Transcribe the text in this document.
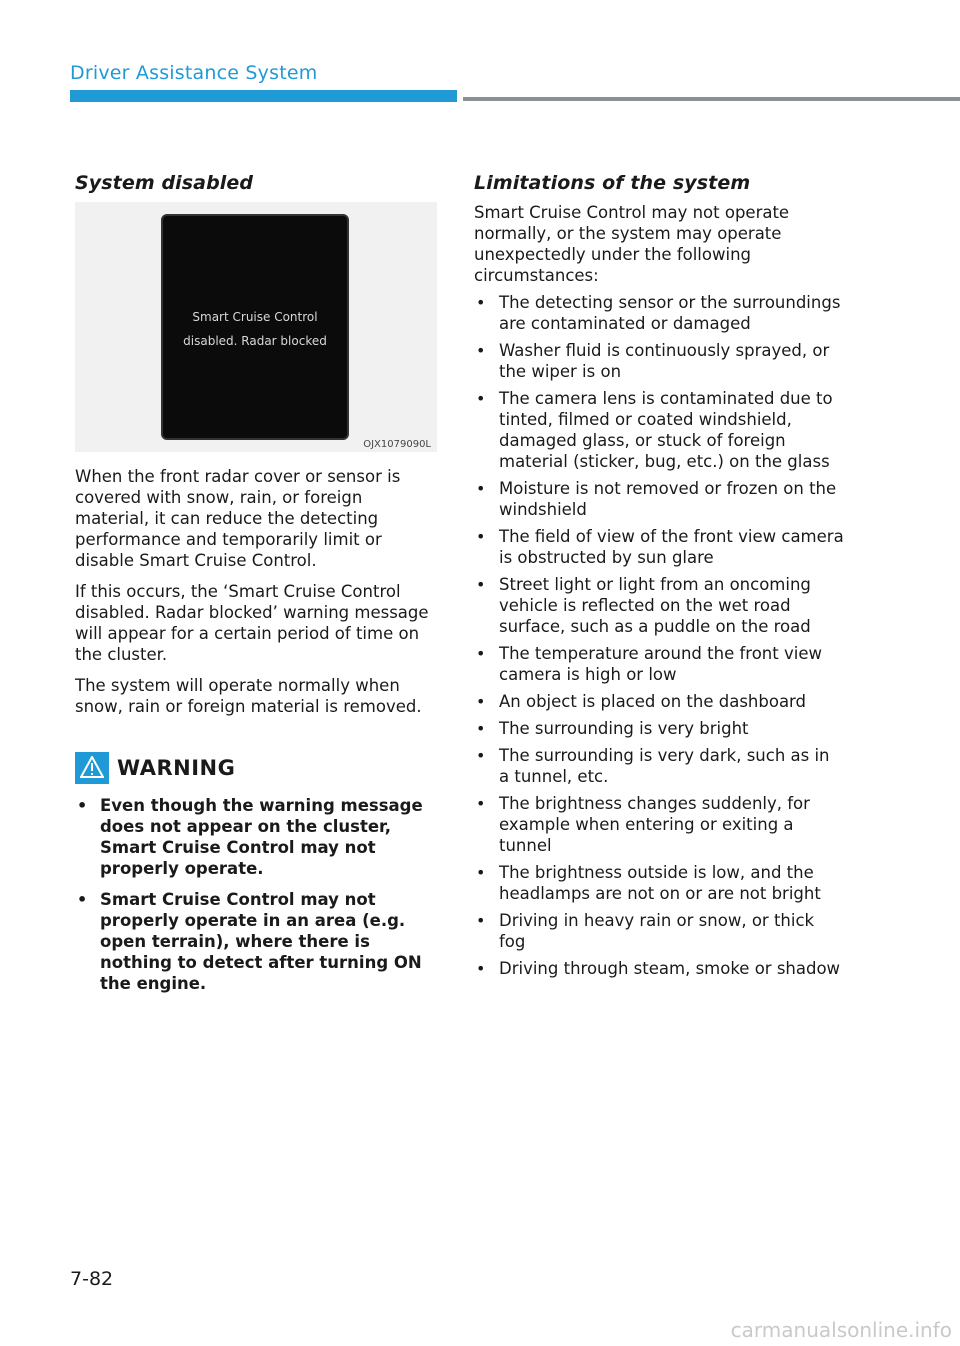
Driver Assistance System
System disabled
Smart Cruise Control
disabled. Radar blocked
OJX1079090L

When the front radar cover or sensor is covered with snow, rain, or foreign material, it can reduce the detecting performance and temporarily limit or disable Smart Cruise Control.

If this occurs, the ‘Smart Cruise Control disabled. Radar blocked’ warning message will appear for a certain period of time on the cluster.

The system will operate normally when snow, rain or foreign material is removed.

WARNING
• Even though the warning message does not appear on the cluster, Smart Cruise Control may not properly operate.
• Smart Cruise Control may not properly operate in an area (e.g. open terrain), where there is nothing to detect after turning ON the engine.
Limitations of the system
Smart Cruise Control may not operate normally, or the system may operate unexpectedly under the following circumstances:
• The detecting sensor or the surroundings are contaminated or damaged
• Washer fluid is continuously sprayed, or the wiper is on
• The camera lens is contaminated due to tinted, filmed or coated windshield, damaged glass, or stuck of foreign material (sticker, bug, etc.) on the glass
• Moisture is not removed or frozen on the windshield
• The field of view of the front view camera is obstructed by sun glare
• Street light or light from an oncoming vehicle is reflected on the wet road surface, such as a puddle on the road
• The temperature around the front view camera is high or low
• An object is placed on the dashboard
• The surrounding is very bright
• The surrounding is very dark, such as in a tunnel, etc.
• The brightness changes suddenly, for example when entering or exiting a tunnel
• The brightness outside is low, and the headlamps are not on or are not bright
• Driving in heavy rain or snow, or thick fog
• Driving through steam, smoke or shadow
7-82
carmanualsonline.info
